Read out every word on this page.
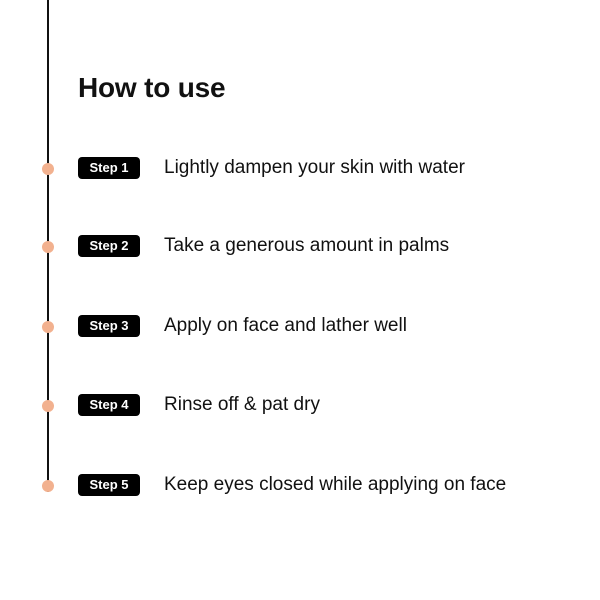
How to use
Step 1	Lightly dampen your skin with water
Step 2	Take a generous amount in palms
Step 3	Apply on face and lather well
Step 4	Rinse off & pat dry
Step 5	Keep eyes closed while applying on face
